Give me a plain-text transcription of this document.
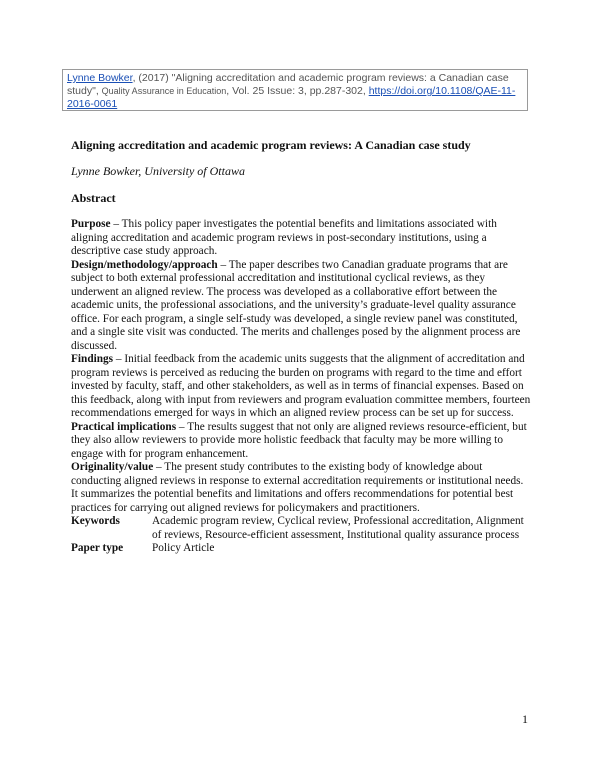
Lynne Bowker, (2017) "Aligning accreditation and academic program reviews: a Canadian case study", Quality Assurance in Education, Vol. 25 Issue: 3, pp.287-302, https://doi.org/10.1108/QAE-11-2016-0061
Aligning accreditation and academic program reviews: A Canadian case study
Lynne Bowker, University of Ottawa
Abstract

Purpose – This policy paper investigates the potential benefits and limitations associated with aligning accreditation and academic program reviews in post-secondary institutions, using a descriptive case study approach.

Design/methodology/approach – The paper describes two Canadian graduate programs that are subject to both external professional accreditation and institutional cyclical reviews, as they underwent an aligned review. The process was developed as a collaborative effort between the academic units, the professional associations, and the university’s graduate-level quality assurance office. For each program, a single self-study was developed, a single review panel was constituted, and a single site visit was conducted. The merits and challenges posed by the alignment process are discussed.

Findings – Initial feedback from the academic units suggests that the alignment of accreditation and program reviews is perceived as reducing the burden on programs with regard to the time and effort invested by faculty, staff, and other stakeholders, as well as in terms of financial expenses. Based on this feedback, along with input from reviewers and program evaluation committee members, fourteen recommendations emerged for ways in which an aligned review process can be set up for success.

Practical implications – The results suggest that not only are aligned reviews resource-efficient, but they also allow reviewers to provide more holistic feedback that faculty may be more willing to engage with for program enhancement.

Originality/value – The present study contributes to the existing body of knowledge about conducting aligned reviews in response to external accreditation requirements or institutional needs. It summarizes the potential benefits and limitations and offers recommendations for potential best practices for carrying out aligned reviews for policymakers and practitioners.

Keywords	Academic program review, Cyclical review, Professional accreditation, Alignment of reviews, Resource-efficient assessment, Institutional quality assurance process
Paper type	Policy Article
1
